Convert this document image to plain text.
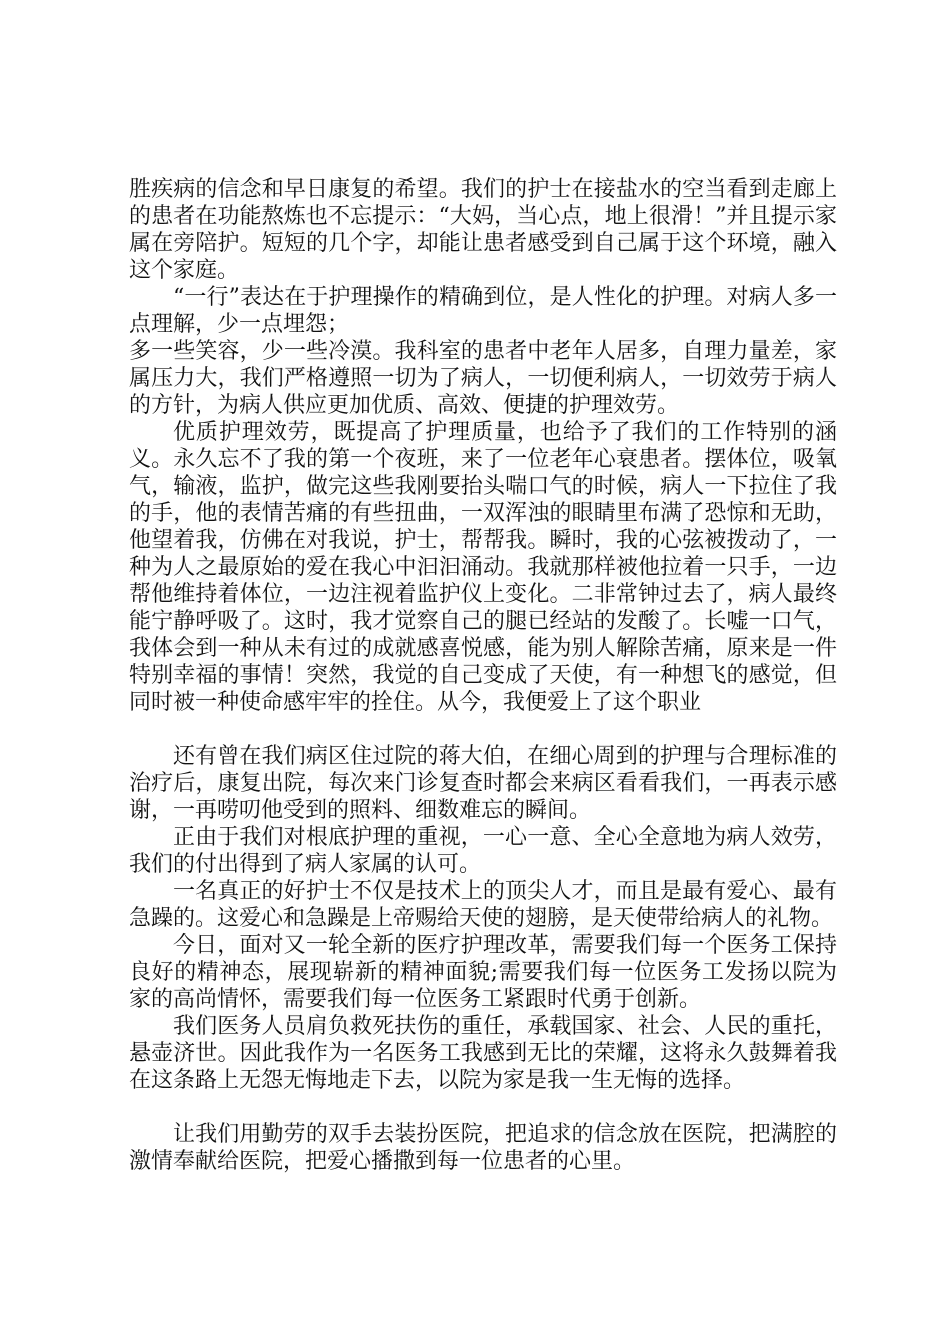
胜疾病的信念和早日康复的希望。我们的护士在接盐水的空当看到走廊上的患者在功能熬炼也不忘提示：“大妈，当心点，地上很滑！”并且提示家属在旁陪护。短短的几个字，却能让患者感受到自己属于这个环境，融入这个家庭。

“一行”表达在于护理操作的精确到位，是人性化的护理。对病人多一点理解，少一点埋怨；

多一些笑容，少一些冷漠。我科室的患者中老年人居多，自理力量差，家属压力大，我们严格遵照一切为了病人，一切便利病人，一切效劳于病人的方针，为病人供应更加优质、高效、便捷的护理效劳。

优质护理效劳，既提高了护理质量，也给予了我们的工作特别的涵义。永久忘不了我的第一个夜班，来了一位老年心衰患者。摆体位，吸氧气，输液，监护，做完这些我刚要抬头喘口气的时候，病人一下拉住了我的手，他的表情苦痛的有些扭曲，一双浑浊的眼睛里布满了恐惊和无助，他望着我，仿佛在对我说，护士，帮帮我。瞬时，我的心弦被拨动了，一种为人之最原始的爱在我心中汩汩涌动。我就那样被他拉着一只手，一边帮他维持着体位，一边注视着监护仪上变化。二非常钟过去了，病人最终能宁静呼吸了。这时，我才觉察自己的腿已经站的发酸了。长嘘一口气，我体会到一种从未有过的成就感喜悦感，能为别人解除苦痛，原来是一件特别幸福的事情！突然，我觉的自己变成了天使，有一种想飞的感觉，但同时被一种使命感牢牢的拴住。从今，我便爱上了这个职业

还有曾在我们病区住过院的蒋大伯，在细心周到的护理与合理标准的治疗后，康复出院，每次来门诊复查时都会来病区看看我们，一再表示感谢，一再唠叨他受到的照料、细数难忘的瞬间。

正由于我们对根底护理的重视，一心一意、全心全意地为病人效劳，我们的付出得到了病人家属的认可。

一名真正的好护士不仅是技术上的顶尖人才，而且是最有爱心、最有急躁的。这爱心和急躁是上帝赐给天使的翅膀，是天使带给病人的礼物。

今日，面对又一轮全新的医疗护理改革，需要我们每一个医务工保持良好的精神态，展现崭新的精神面貌;需要我们每一位医务工发扬以院为家的高尚情怀，需要我们每一位医务工紧跟时代勇于创新。

我们医务人员肩负救死扶伤的重任，承载国家、社会、人民的重托，悬壶济世。因此我作为一名医务工我感到无比的荣耀，这将永久鼓舞着我在这条路上无怨无悔地走下去，以院为家是我一生无悔的选择。

让我们用勤劳的双手去装扮医院，把追求的信念放在医院，把满腔的激情奉献给医院，把爱心播撒到每一位患者的心里。
